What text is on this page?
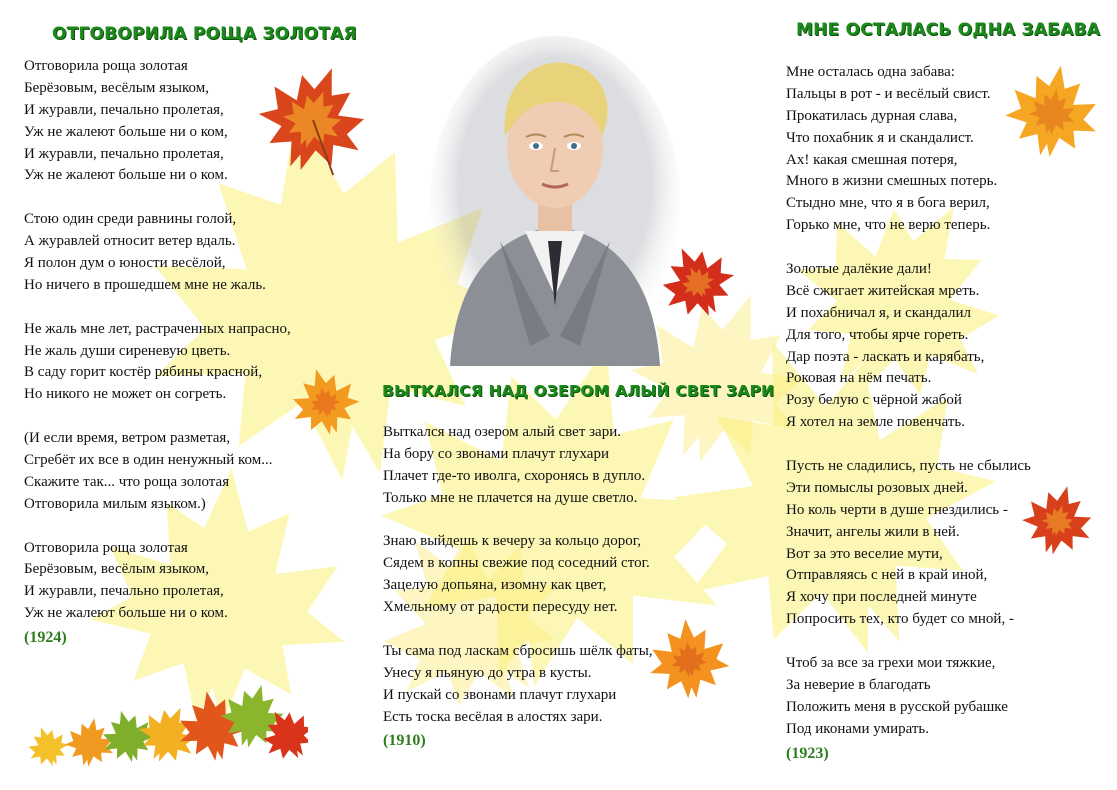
ОТГОВОРИЛА РОЩА ЗОЛОТАЯ
ВЫТКАЛСЯ НАД ОЗЕРОМ АЛЫЙ СВЕТ ЗАРИ
МНЕ ОСТАЛАСЬ ОДНА ЗАБАВА
Отговорила роща золотая
Берёзовым, весёлым языком,
И журавли, печально пролетая,
Уж не жалеют больше ни о ком,
И журавли, печально пролетая,
Уж не жалеют больше ни о ком.
Стою один среди равнины голой,
А журавлей относит ветер вдаль.
Я полон дум о юности весёлой,
Но ничего в прошедшем мне не жаль.
Не жаль мне лет, растраченных напрасно,
Не жаль души сиреневую цветь.
В саду горит костёр рябины красной,
Но никого не может он согреть.
(И если время, ветром разметая,
Сгребёт их все в один ненужный ком...
Скажите так... что роща золотая
Отговорила милым языком.)
Отговорила роща золотая
Берёзовым, весёлым языком,
И журавли, печально пролетая,
Уж не жалеют больше ни о ком.
(1924)
Выткался над озером алый свет зари.
На бору со звонами плачут глухари
Плачет где-то иволга, схоронясь в дупло.
Только мне не плачется на душе светло.
Знаю выйдешь к вечеру за кольцо дорог,
Сядем в копны свежие под соседний стог.
Зацелую допьяна, изомну как цвет,
Хмельному от радости пересуду нет.
Ты сама под ласкам сбросишь шёлк фаты,
Унесу я пьяную до утра в кусты.
И пускай со звонами плачут глухари
Есть тоска весёлая в алостях зари.
(1910)
Мне осталась одна забава:
Пальцы в рот - и весёлый свист.
Прокатилась дурная слава,
Что похабник я и скандалист.
Ах! какая смешная потеря,
Много в жизни смешных потерь.
Стыдно мне, что я в бога верил,
Горько мне, что не верю теперь.
Золотые далёкие дали!
Всё сжигает житейская мреть.
И похабничал я, и скандалил
Для того, чтобы ярче гореть.
Дар поэта - ласкать и карябать,
Роковая на нём печать.
Розу белую с чёрной жабой
Я хотел на земле повенчать.
Пусть не сладились, пусть не сбылись
Эти помыслы розовых дней.
Но коль черти в душе гнездились -
Значит, ангелы жили в ней.
Вот за это веселие мути,
Отправляясь с ней в край иной,
Я хочу при последней минуте
Попросить тех, кто будет со мной, -
Чтоб за все за грехи мои тяжкие,
За неверие в благодать
Положить меня в русской рубашке
Под иконами умирать.
(1923)
